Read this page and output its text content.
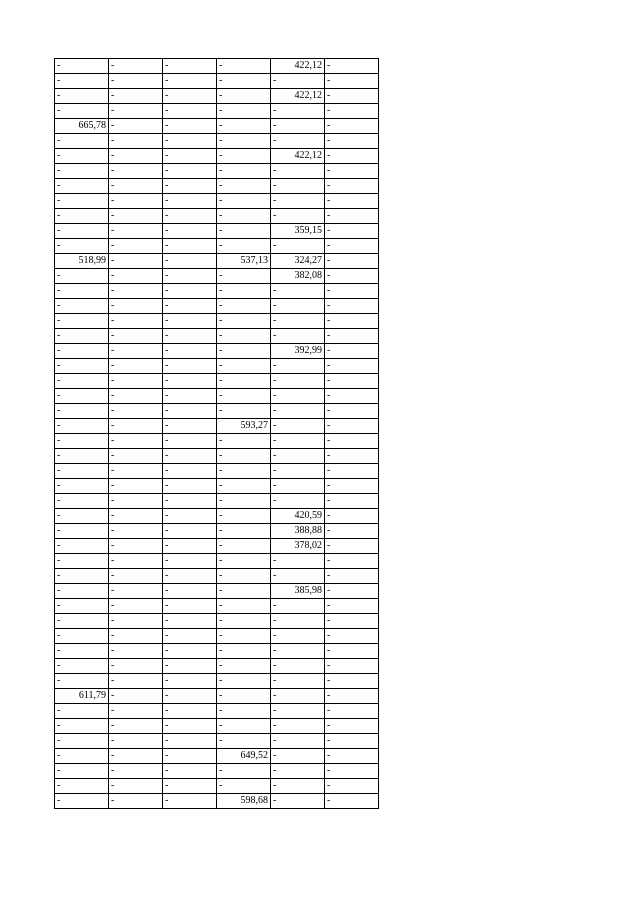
-	-	-	-	422,12	-
-	-	-	-	-	-
-	-	-	-	422,12	-
-	-	-	-	-	-
665,78	-	-	-	-	-
-	-	-	-	-	-
-	-	-	-	422,12	-
-	-	-	-	-	-
-	-	-	-	-	-
-	-	-	-	-	-
-	-	-	-	-	-
-	-	-	-	359,15	-
-	-	-	-	-	-
518,99	-	-	537,13	324,27	-
-	-	-	-	382,08	-
-	-	-	-	-	-
-	-	-	-	-	-
-	-	-	-	-	-
-	-	-	-	-	-
-	-	-	-	392,99	-
-	-	-	-	-	-
-	-	-	-	-	-
-	-	-	-	-	-
-	-	-	-	-	-
-	-	-	593,27	-	-
-	-	-	-	-	-
-	-	-	-	-	-
-	-	-	-	-	-
-	-	-	-	-	-
-	-	-	-	-	-
-	-	-	-	420,59	-
-	-	-	-	388,88	-
-	-	-	-	378,02	-
-	-	-	-	-	-
-	-	-	-	-	-
-	-	-	-	385,98	-
-	-	-	-	-	-
-	-	-	-	-	-
-	-	-	-	-	-
-	-	-	-	-	-
-	-	-	-	-	-
-	-	-	-	-	-
611,79	-	-	-	-	-
-	-	-	-	-	-
-	-	-	-	-	-
-	-	-	-	-	-
-	-	-	649,52	-	-
-	-	-	-	-	-
-	-	-	-	-	-
-	-	-	598,68	-	-
